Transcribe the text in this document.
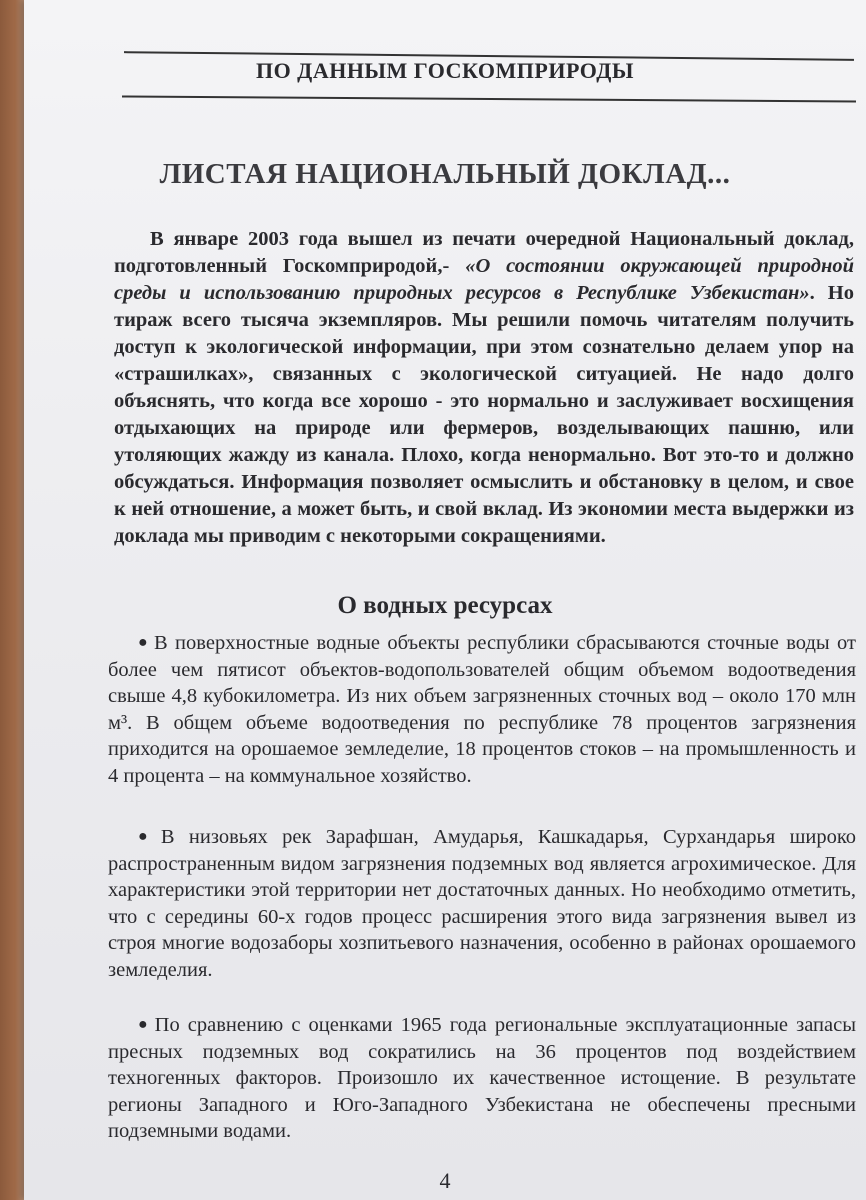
ПО ДАННЫМ ГОСКОМПРИРОДЫ
ЛИСТАЯ НАЦИОНАЛЬНЫЙ ДОКЛАД...

В январе 2003 года вышел из печати очередной Национальный доклад, подготовленный Госкомприродой,- «О состоянии окружающей природной среды и использованию природных ресурсов в Республике Узбекистан». Но тираж всего тысяча экземпляров. Мы решили помочь читателям получить доступ к экологической информации, при этом сознательно делаем упор на «страшилках», связанных с экологической ситуацией. Не надо долго объяснять, что когда все хорошо - это нормально и заслуживает восхищения отдыхающих на природе или фермеров, возделывающих пашню, или утоляющих жажду из канала. Плохо, когда ненормально. Вот это-то и должно обсуждаться. Информация позволяет осмыслить и обстановку в целом, и свое к ней отношение, а может быть, и свой вклад. Из экономии места выдержки из доклада мы приводим с некоторыми сокращениями.

О водных ресурсах

● В поверхностные водные объекты республики сбрасываются сточные воды от более чем пятисот объектов-водопользователей общим объемом водоотведения свыше 4,8 кубокилометра. Из них объем загрязненных сточных вод – около 170 млн м³. В общем объеме водоотведения по республике 78 процентов загрязнения приходится на орошаемое земледелие, 18 процентов стоков – на промышленность и 4 процента – на коммунальное хозяйство.

● В низовьях рек Зарафшан, Амударья, Кашкадарья, Сурхандарья широко распространенным видом загрязнения подземных вод является агрохимическое. Для характеристики этой территории нет достаточных данных. Но необходимо отметить, что с середины 60-х годов процесс расширения этого вида загрязнения вывел из строя многие водозаборы хозпитьевого назначения, особенно в районах орошаемого земледелия.

● По сравнению с оценками 1965 года региональные эксплуатационные запасы пресных подземных вод сократились на 36 процентов под воздействием техногенных факторов. Произошло их качественное истощение. В результате регионы Западного и Юго-Западного Узбекистана не обеспечены пресными подземными водами.

4
